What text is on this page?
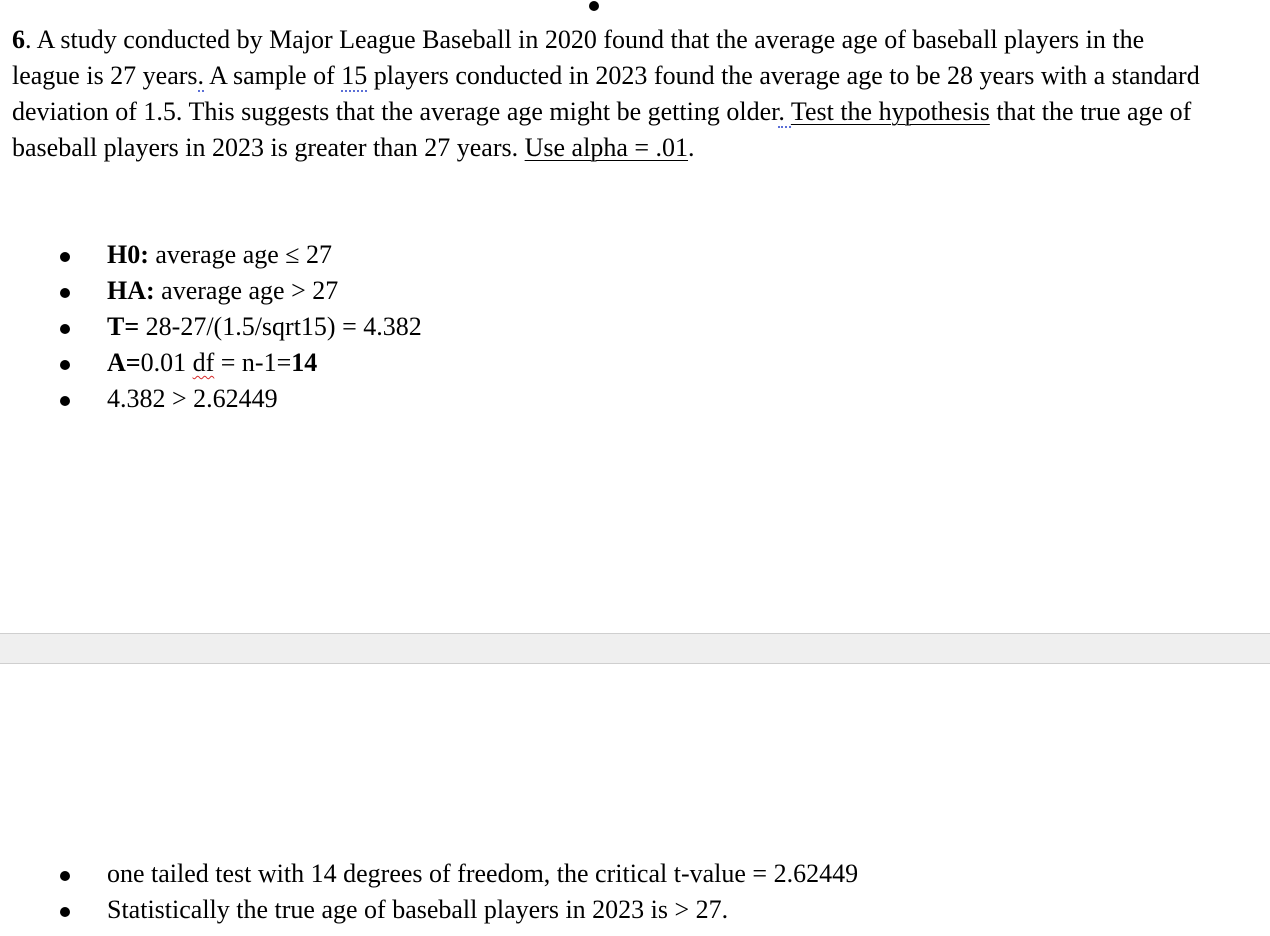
6. A study conducted by Major League Baseball in 2020 found that the average age of baseball players in the league is 27 years. A sample of 15 players conducted in 2023 found the average age to be 28 years with a standard deviation of 1.5. This suggests that the average age might be getting older. Test the hypothesis that the true age of baseball players in 2023 is greater than 27 years. Use alpha = .01.
H0: average age ≤ 27
HA: average age > 27
T= 28-27/(1.5/sqrt15) = 4.382
A=0.01 df = n-1=14
4.382 > 2.62449
one tailed test with 14 degrees of freedom, the critical t-value = 2.62449
Statistically the true age of baseball players in 2023 is > 27.
